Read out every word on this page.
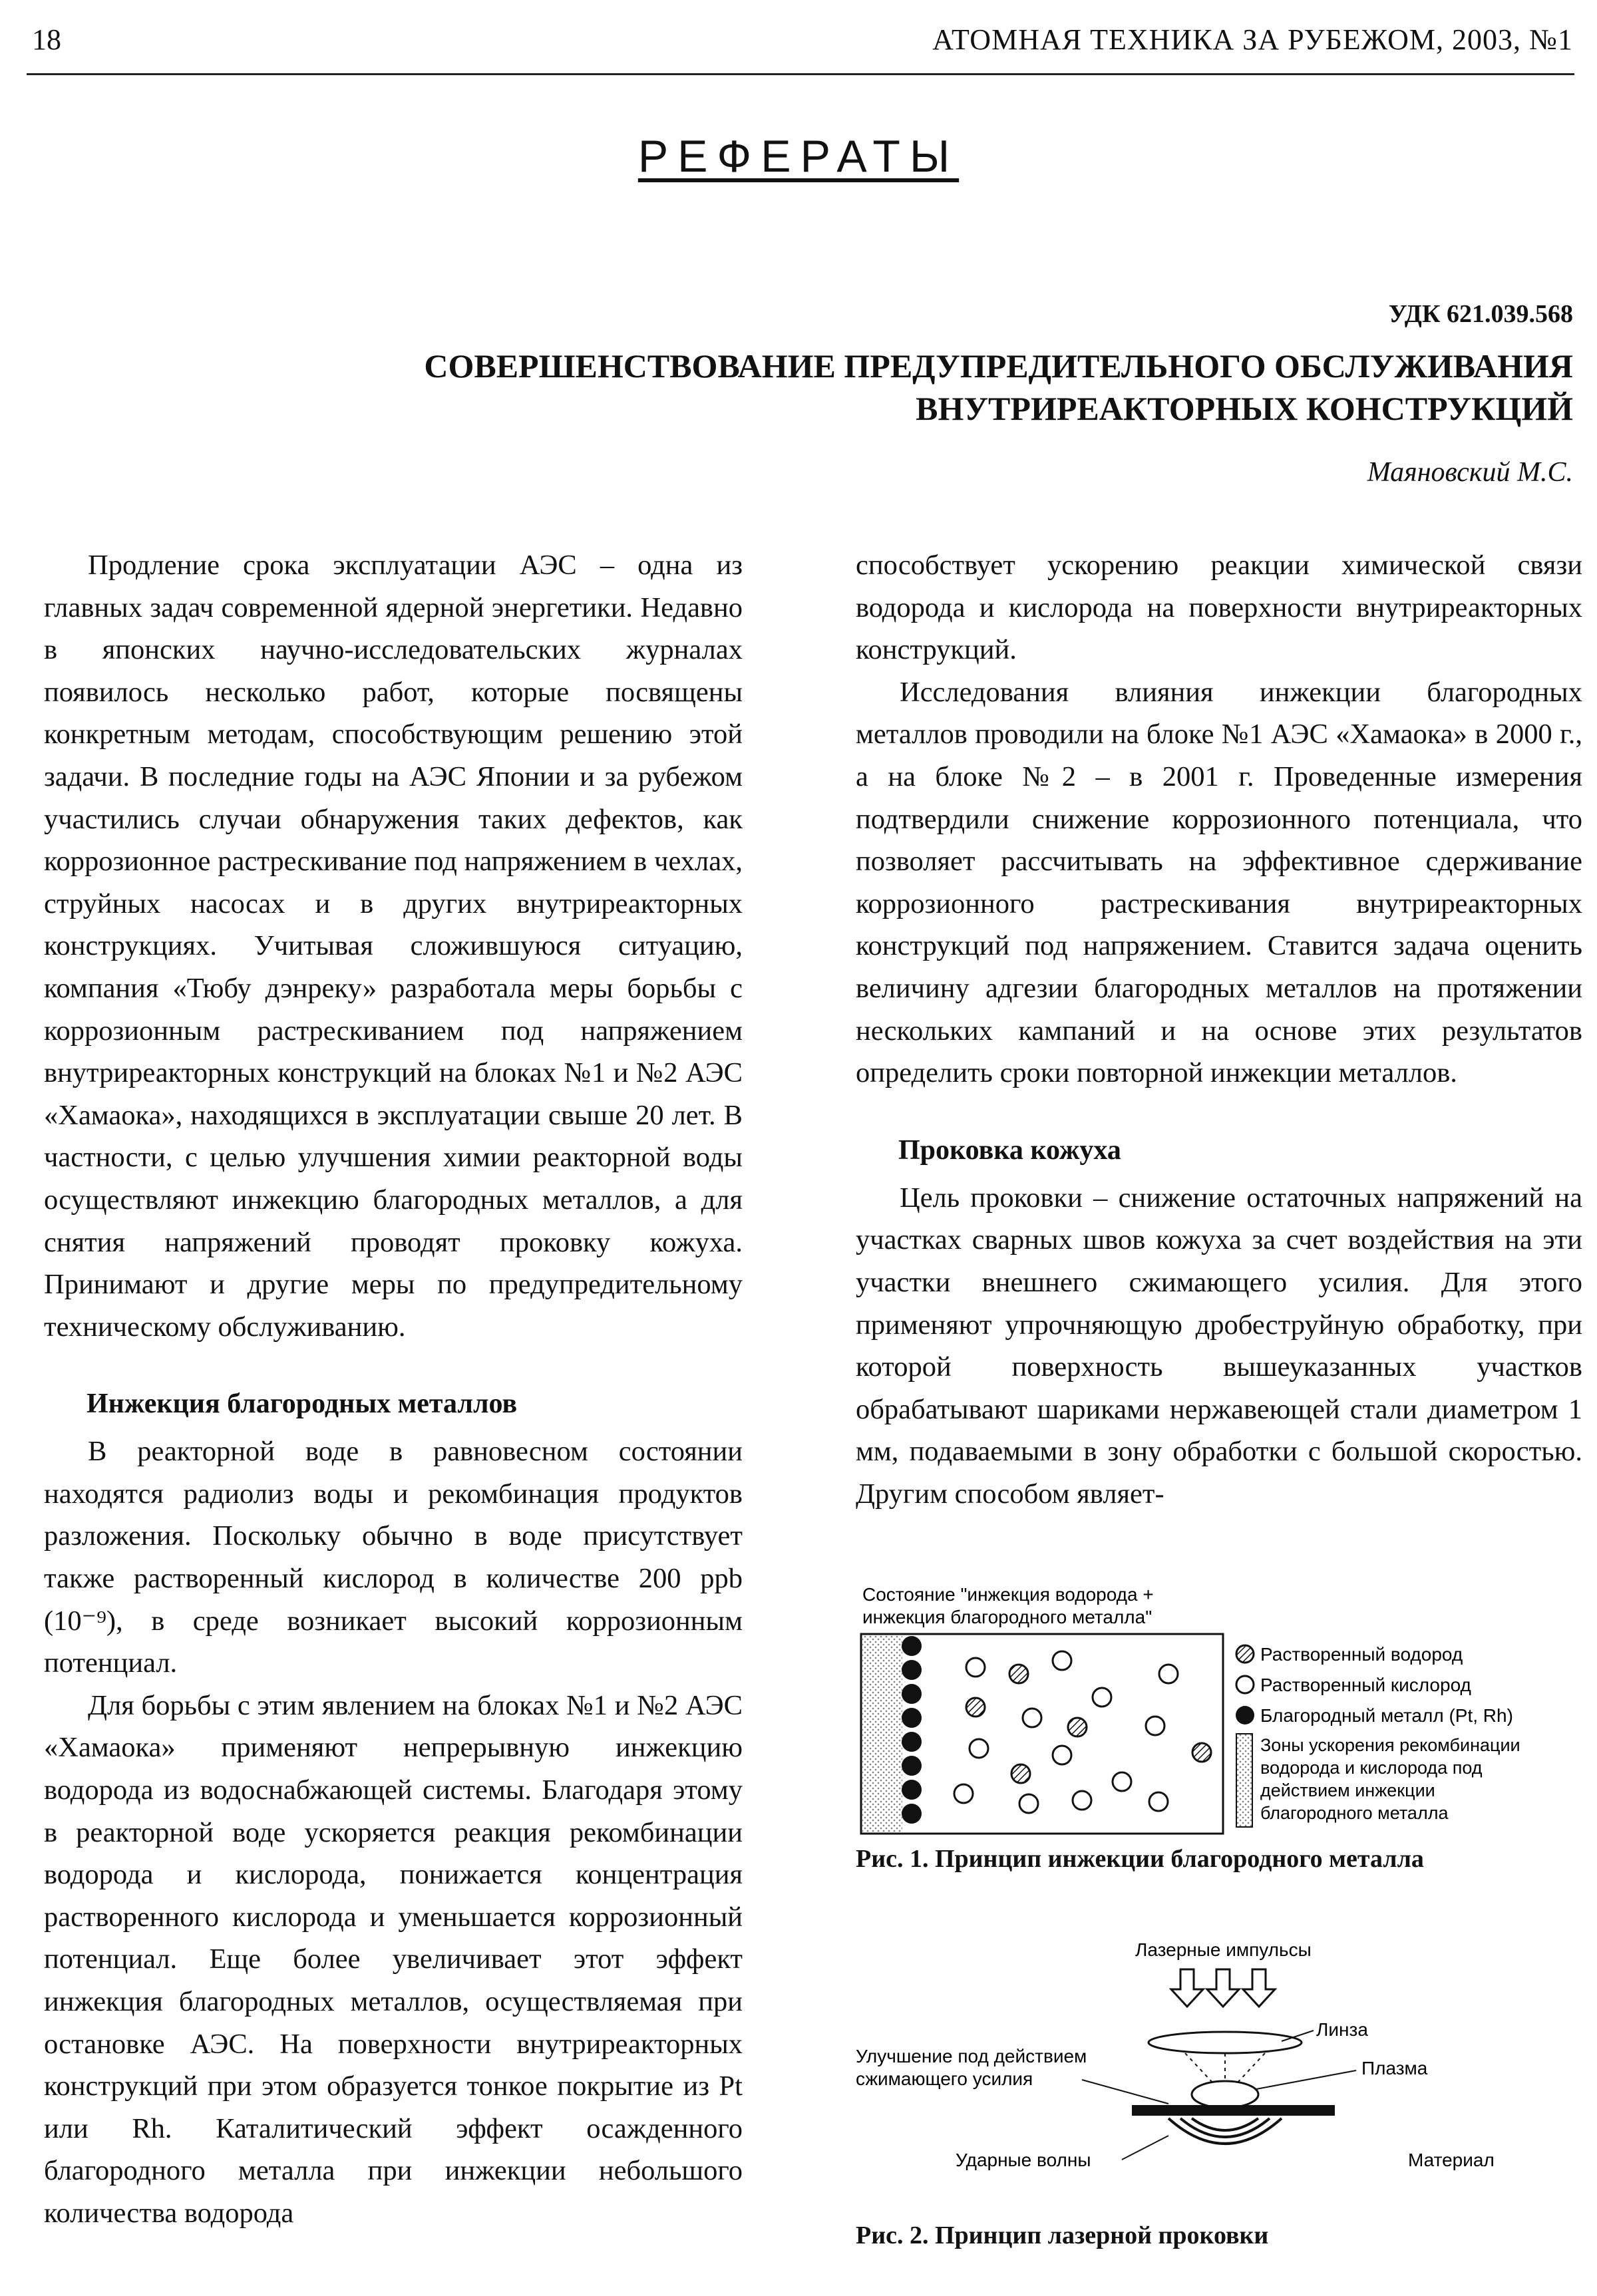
18	АТОМНАЯ ТЕХНИКА ЗА РУБЕЖОМ, 2003, №1
РЕФЕРАТЫ
УДК 621.039.568
СОВЕРШЕНСТВОВАНИЕ ПРЕДУПРЕДИТЕЛЬНОГО ОБСЛУЖИВАНИЯ
ВНУТРИРЕАКТОРНЫХ КОНСТРУКЦИЙ
Маяновский М.С.

Продление срока эксплуатации АЭС – одна из главных задач современной ядерной энергетики. Недавно в японских научно-исследовательских журналах появилось несколько работ, которые посвящены конкретным методам, способствующим решению этой задачи. В последние годы на АЭС Японии и за рубежом участились случаи обнаружения таких дефектов, как коррозионное растрескивание под напряжением в чехлах, струйных насосах и в других внутриреакторных конструкциях. Учитывая сложившуюся ситуацию, компания «Тюбу дэнреку» разработала меры борьбы с коррозионным растрескиванием под напряжением внутриреакторных конструкций на блоках №1 и №2 АЭС «Хамаока», находящихся в эксплуатации свыше 20 лет. В частности, с целью улучшения химии реакторной воды осуществляют инжекцию благородных металлов, а для снятия напряжений проводят проковку кожуха. Принимают и другие меры по предупредительному техническому обслуживанию.

Инжекция благородных металлов

В реакторной воде в равновесном состоянии находятся радиолиз воды и рекомбинация продуктов разложения. Поскольку обычно в воде присутствует также растворенный кислород в количестве 200 ppb (10⁻⁹), в среде возникает высокий коррозионным потенциал.

Для борьбы с этим явлением на блоках №1 и №2 АЭС «Хамаока» применяют непрерывную инжекцию водорода из водоснабжающей системы. Благодаря этому в реакторной воде ускоряется реакция рекомбинации водорода и кислорода, понижается концентрация растворенного кислорода и уменьшается коррозионный потенциал. Еще более увеличивает этот эффект инжекция благородных металлов, осуществляемая при остановке АЭС. На поверхности внутриреакторных конструкций при этом образуется тонкое покрытие из Pt или Rh. Каталитический эффект осажденного благородного металла при инжекции небольшого количества водорода

способствует ускорению реакции химической связи водорода и кислорода на поверхности внутриреакторных конструкций.

Исследования влияния инжекции благородных металлов проводили на блоке №1 АЭС «Хамаока» в 2000 г., а на блоке №2 – в 2001 г. Проведенные измерения подтвердили снижение коррозионного потенциала, что позволяет рассчитывать на эффективное сдерживание коррозионного растрескивания внутриреакторных конструкций под напряжением. Ставится задача оценить величину адгезии благородных металлов на протяжении нескольких кампаний и на основе этих результатов определить сроки повторной инжекции металлов.

Проковка кожуха

Цель проковки – снижение остаточных напряжений на участках сварных швов кожуха за счет воздействия на эти участки внешнего сжимающего усилия. Для этого применяют упрочняющую дробеструйную обработку, при которой поверхность вышеуказанных участков обрабатывают шариками нержавеющей стали диаметром 1 мм, подаваемыми в зону обработки с большой скоростью. Другим способом являет-

Состояние "инжекция водорода +
инжекция благородного металла"
Растворенный водород
Растворенный кислород
Благородный металл (Pt, Rh)
Зоны ускорения рекомбинации
водорода и кислорода под
действием инжекции
благородного металла
Рис. 1. Принцип инжекции благородного металла
Лазерные импульсы
Линза
Плазма
Улучшение под действием
сжимающего усилия
Ударные волны	Материал
Рис. 2. Принцип лазерной проковки
